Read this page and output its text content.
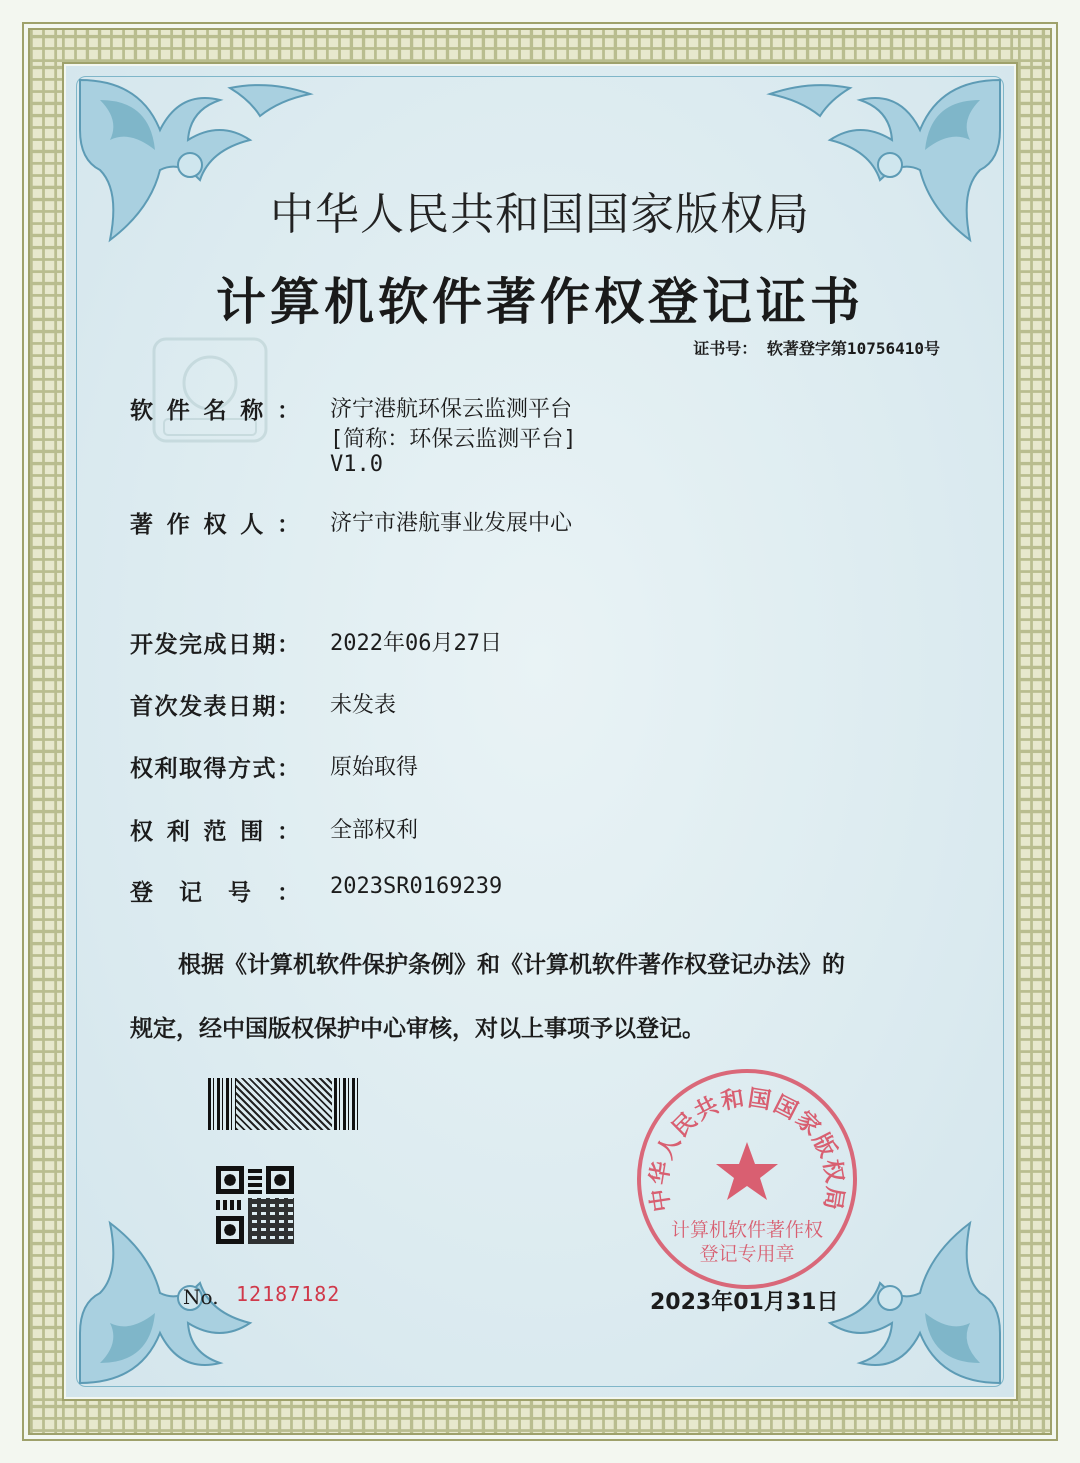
中华人民共和国国家版权局
计算机软件著作权登记证书
证书号： 软著登字第10756410号
软件名称： 济宁港航环保云监测平台
[简称：环保云监测平台]
V1.0
著作权人： 济宁市港航事业发展中心
开发完成日期： 2022年06月27日
首次发表日期： 未发表
权利取得方式： 原始取得
权利范围： 全部权利
登记号： 2023SR0169239
根据《计算机软件保护条例》和《计算机软件著作权登记办法》的
规定，经中国版权保护中心审核，对以上事项予以登记。
No. 12187182
中华人民共和国国家版权局
计算机软件著作权
登记专用章
2023年01月31日
